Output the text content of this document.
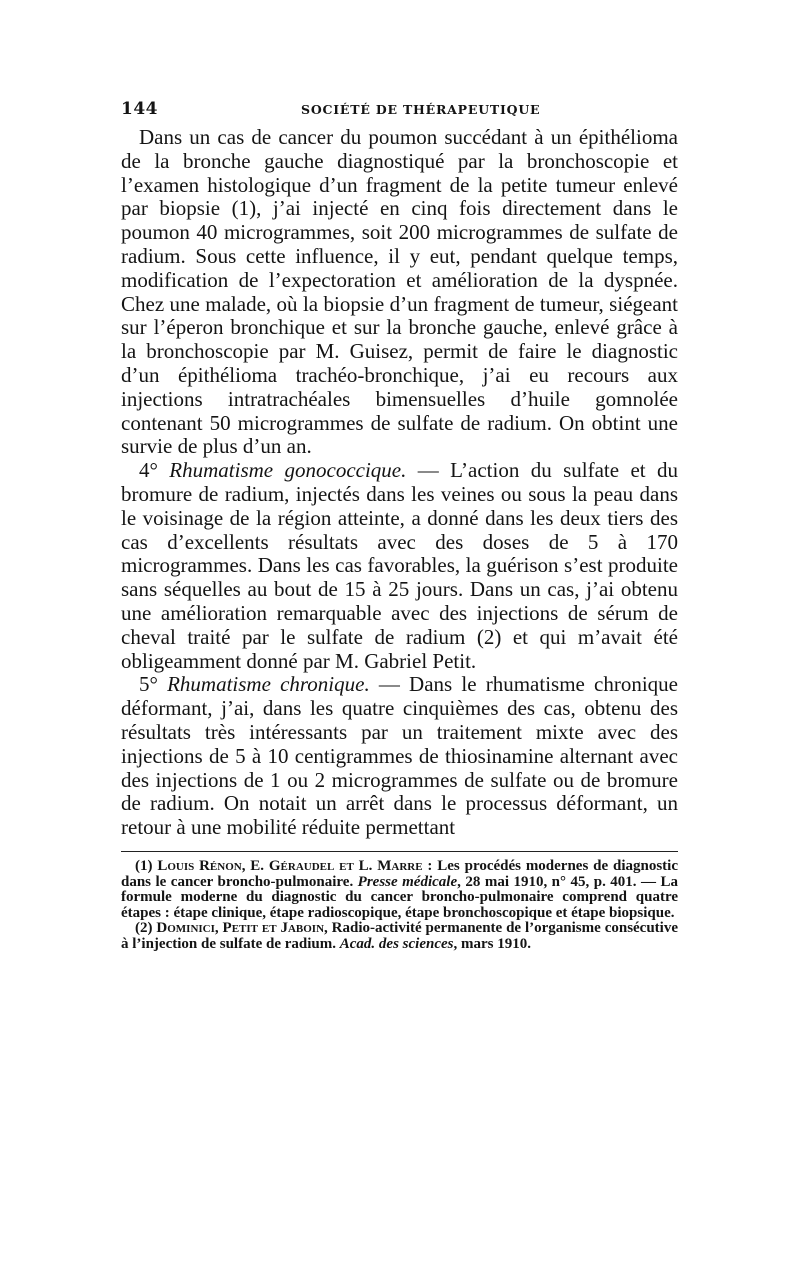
144	SOCIÉTÉ DE THÉRAPEUTIQUE

Dans un cas de cancer du poumon succédant à un épithélioma de la bronche gauche diagnostiqué par la bronchoscopie et l’examen histologique d’un fragment de la petite tumeur enlevé par biopsie (1), j’ai injecté en cinq fois directement dans le poumon 40 microgrammes, soit 200 microgrammes de sulfate de radium. Sous cette influence, il y eut, pendant quelque temps, modification de l’expectoration et amélioration de la dyspnée. Chez une malade, où la biopsie d’un fragment de tumeur, siégeant sur l’éperon bronchique et sur la bronche gauche, enlevé grâce à la bronchoscopie par M. Guisez, permit de faire le diagnostic d’un épithélioma trachéo-bronchique, j’ai eu recours aux injections intratrachéales bimensuelles d’huile gomnolée contenant 50 microgrammes de sulfate de radium. On obtint une survie de plus d’un an.

4° Rhumatisme gonococcique. — L’action du sulfate et du bromure de radium, injectés dans les veines ou sous la peau dans le voisinage de la région atteinte, a donné dans les deux tiers des cas d’excellents résultats avec des doses de 5 à 170 microgrammes. Dans les cas favorables, la guérison s’est produite sans séquelles au bout de 15 à 25 jours. Dans un cas, j’ai obtenu une amélioration remarquable avec des injections de sérum de cheval traité par le sulfate de radium (2) et qui m’avait été obligeamment donné par M. Gabriel Petit.

5° Rhumatisme chronique. — Dans le rhumatisme chronique déformant, j’ai, dans les quatre cinquièmes des cas, obtenu des résultats très intéressants par un traitement mixte avec des injections de 5 à 10 centigrammes de thiosinamine alternant avec des injections de 1 ou 2 microgrammes de sulfate ou de bromure de radium. On notait un arrêt dans le processus déformant, un retour à une mobilité réduite permettant

(1) Louis Rénon, E. Géraudel et L. Marre : Les procédés modernes de diagnostic dans le cancer broncho-pulmonaire. Presse médicale, 28 mai 1910, n° 45, p. 401. — La formule moderne du diagnostic du cancer broncho-pulmonaire comprend quatre étapes : étape clinique, étape radioscopique, étape bronchoscopique et étape biopsique.

(2) Dominici, Petit et Jaboin, Radio-activité permanente de l’organisme consécutive à l’injection de sulfate de radium. Acad. des sciences, mars 1910.
